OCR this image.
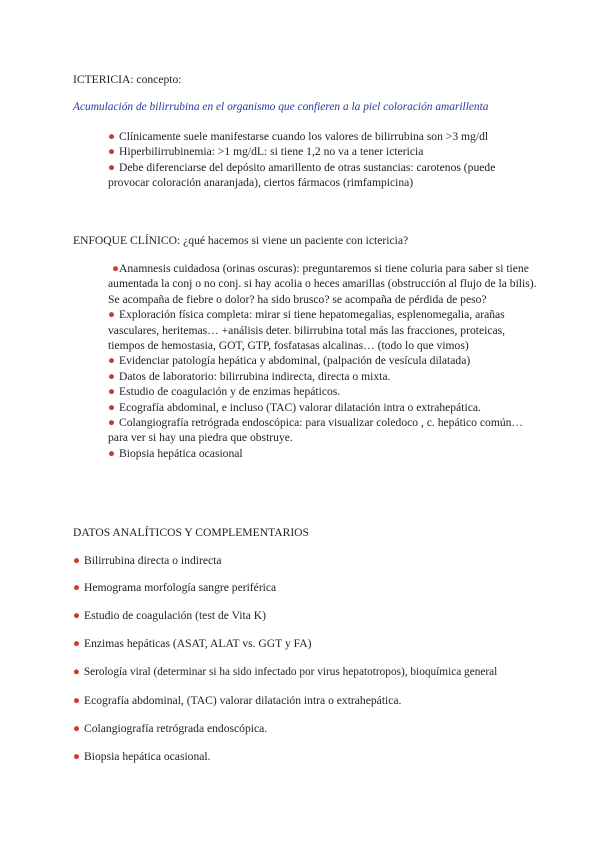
ICTERICIA: concepto:
Acumulación de bilirrubina en el organismo que confieren a la piel coloración amarillenta

● Clínicamente suele manifestarse cuando los valores de bilirrubina son >3 mg/dl

● Hiperbilirrubinemia: >1 mg/dL: si tiene 1,2 no va a tener ictericia

● Debe diferenciarse del depósito amarillento de otras sustancias: carotenos (puede provocar coloración anaranjada), ciertos fármacos (rimfampicina)

ENFOQUE CLÍNICO: ¿qué hacemos si viene un paciente con ictericia?

●Anamnesis cuidadosa (orinas oscuras): preguntaremos si tiene coluria para saber si tiene aumentada la conj o no conj. si hay acolia o heces amarillas (obstrucción al flujo de la bilis). Se acompaña de fiebre o dolor? ha sido brusco? se acompaña de pérdida de peso?

● Exploración física completa: mirar si tiene hepatomegalias, esplenomegalia, arañas vasculares, heritemas… +análisis deter. bilirrubina total más las fracciones, proteicas, tiempos de hemostasia, GOT, GTP, fosfatasas alcalinas… (todo lo que vimos)

● Evidenciar patología hepática y abdominal, (palpación de vesícula dilatada)

● Datos de laboratorio: bilirrubina indirecta, directa o mixta.

● Estudio de coagulación y de enzimas hepáticos.

● Ecografía abdominal, e incluso (TAC) valorar dilatación intra o extrahepática.

● Colangiografía retrógrada endoscópica: para visualizar coledoco , c. hepático común… para ver si hay una piedra que obstruye.

● Biopsia hepática ocasional

DATOS ANALÍTICOS Y COMPLEMENTARIOS

● Bilirrubina directa o indirecta

● Hemograma morfología sangre periférica

● Estudio de coagulación (test de Vita K)

● Enzimas hepáticas (ASAT, ALAT vs. GGT y FA)

● Serología viral (determinar si ha sido infectado por virus hepatotropos), bioquímica general

● Ecografía abdominal, (TAC) valorar dilatación intra o extrahepática.

● Colangiografía retrógrada endoscópica.

● Biopsia hepática ocasional.
